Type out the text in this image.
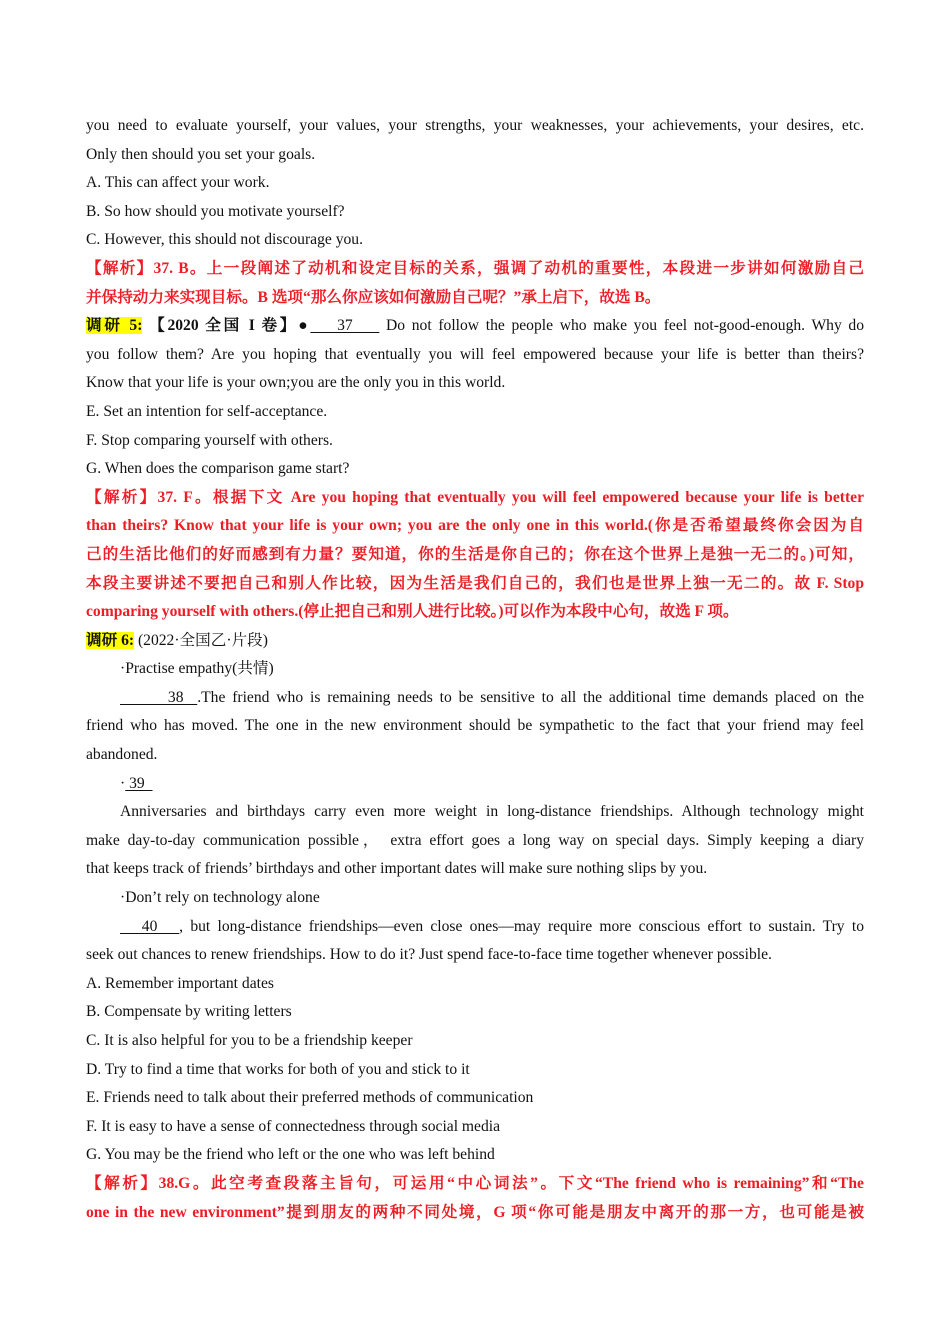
you need to evaluate yourself, your values, your strengths, your weaknesses, your achievements, your desires, etc.
Only then should you set your goals.
A. This can affect your work.
B. So how should you motivate yourself?
C. However, this should not discourage you.
【解析】37. B。上一段阐述了动机和设定目标的关系，强调了动机的重要性，本段进一步讲如何激励自己
并保持动力来实现目标。B 选项“那么你应该如何激励自己呢？”承上启下，故选 B。
调研 5: 【2020 全国 I 卷】●    37     Do not follow the people who make you feel not-good-enough. Why do
you follow them? Are you hoping that eventually you will feel empowered because your life is better than theirs?
Know that your life is your own;you are the only you in this world.
E. Set an intention for self-acceptance.
F. Stop comparing yourself with others.
G. When does the comparison game start?
【解析】37. F。根据下文 Are you hoping that eventually you will feel empowered because your life is better
than theirs? Know that your life is your own; you are the only one in this world.(你是否希望最终你会因为自
己的生活比他们的好而感到有力量？要知道，你的生活是你自己的；你在这个世界上是独一无二的。)可知，
本段主要讲述不要把自己和别人作比较，因为生活是我们自己的，我们也是世界上独一无二的。故 F. Stop
comparing yourself with others.(停止把自己和别人进行比较。)可以作为本段中心句，故选 F 项。
调研 6: (2022·全国乙·片段)
·Practise empathy(共情)
38  .The friend who is remaining needs to be sensitive to all the additional time demands placed on the
friend who has moved. The one in the new environment should be sympathetic to the fact that your friend may feel
abandoned.
· 39
Anniversaries and birthdays carry even more weight in long-distance friendships. Although technology might
make day-to-day communication possible， extra effort goes a long way on special days. Simply keeping a diary
that keeps track of friends’ birthdays and other important dates will make sure nothing slips by you.
·Don’t rely on technology alone
40   , but long-distance friendships—even close ones—may require more conscious effort to sustain. Try to
seek out chances to renew friendships. How to do it? Just spend face-to-face time together whenever possible.
A. Remember important dates
B. Compensate by writing letters
C. It is also helpful for you to be a friendship keeper
D. Try to find a time that works for both of you and stick to it
E. Friends need to talk about their preferred methods of communication
F. It is easy to have a sense of connectedness through social media
G. You may be the friend who left or the one who was left behind
【解析】38.G。此空考查段落主旨句，可运用“中心词法”。下文“The friend who is remaining”和“The
one in the new environment”提到朋友的两种不同处境，G 项“你可能是朋友中离开的那一方，也可能是被
